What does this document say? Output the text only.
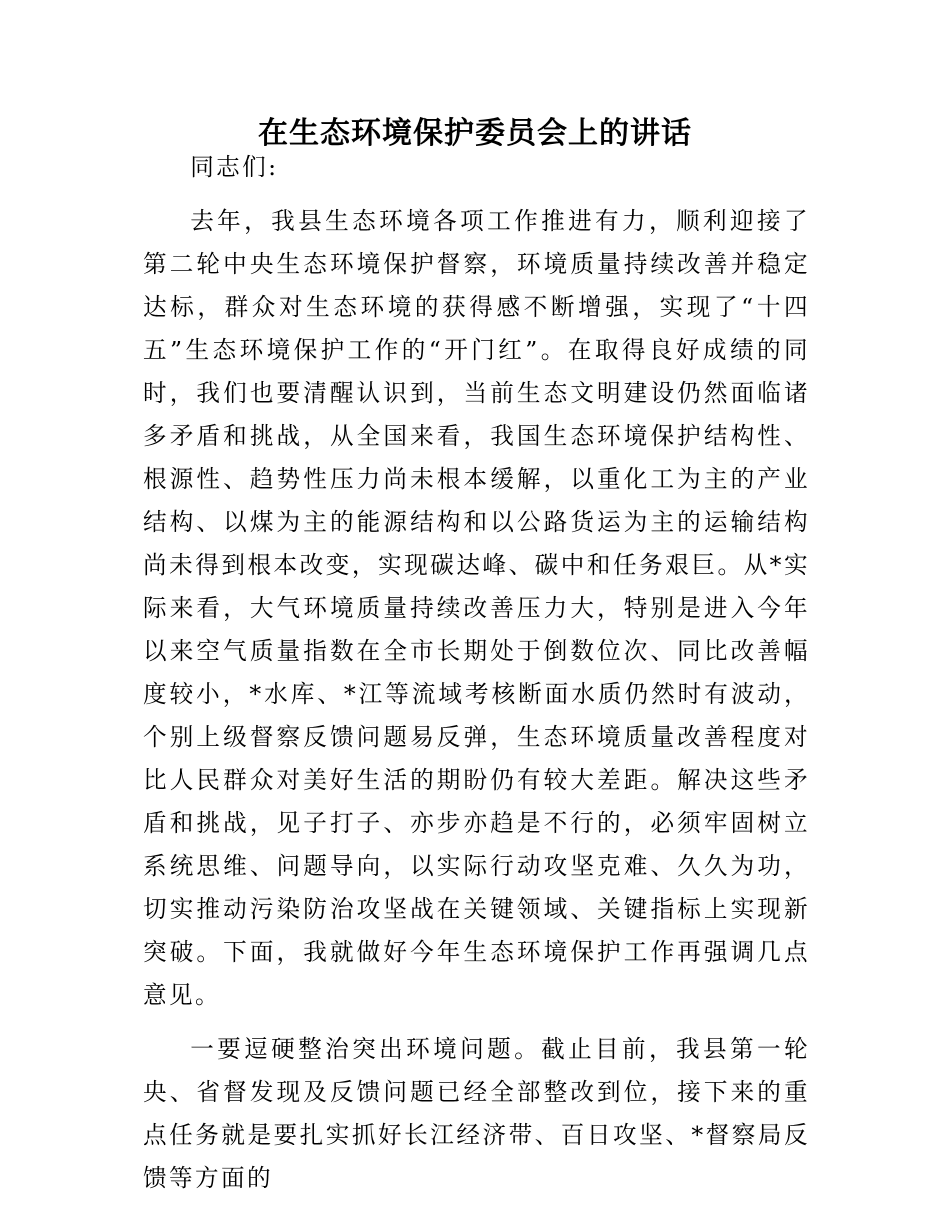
在生态环境保护委员会上的讲话

同志们:

去年，我县生态环境各项工作推进有力，顺利迎接了第二轮中央生态环境保护督察，环境质量持续改善并稳定达标，群众对生态环境的获得感不断增强，实现了“十四五”生态环境保护工作的“开门红”。在取得良好成绩的同时，我们也要清醒认识到，当前生态文明建设仍然面临诸多矛盾和挑战，从全国来看，我国生态环境保护结构性、根源性、趋势性压力尚未根本缓解，以重化工为主的产业结构、以煤为主的能源结构和以公路货运为主的运输结构尚未得到根本改变，实现碳达峰、碳中和任务艰巨。从*实际来看，大气环境质量持续改善压力大，特别是进入今年以来空气质量指数在全市长期处于倒数位次、同比改善幅度较小，*水库、*江等流域考核断面水质仍然时有波动，个别上级督察反馈问题易反弹，生态环境质量改善程度对比人民群众对美好生活的期盼仍有较大差距。解决这些矛盾和挑战，见子打子、亦步亦趋是不行的，必须牢固树立系统思维、问题导向，以实际行动攻坚克难、久久为功，切实推动污染防治攻坚战在关键领域、关键指标上实现新突破。下面，我就做好今年生态环境保护工作再强调几点意见。

一要逗硬整治突出环境问题。截止目前，我县第一轮央、省督发现及反馈问题已经全部整改到位，接下来的重点任务就是要扎实抓好长江经济带、百日攻坚、*督察局反馈等方面的
